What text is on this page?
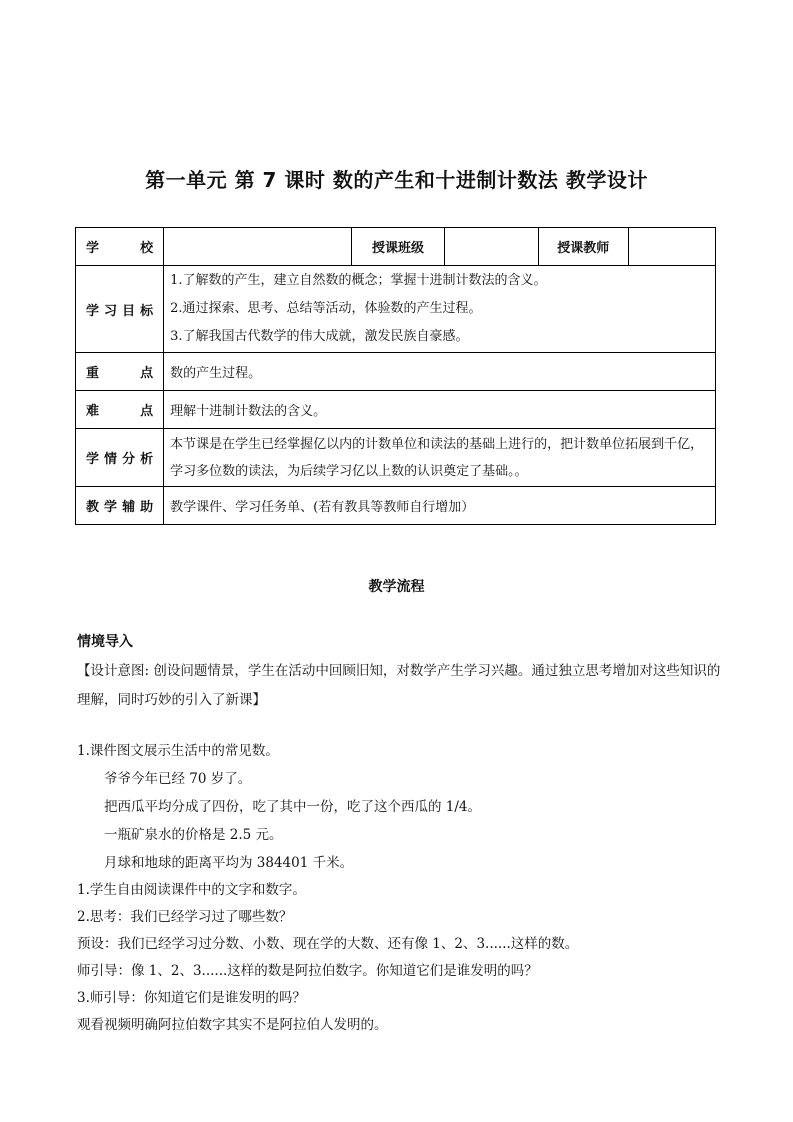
第一单元 第 7 课时 数的产生和十进制计数法 教学设计
学　　校		授课班级		授课教师	
学习目标	1.了解数的产生，建立自然数的概念；掌握十进制计数法的含义。
2.通过探索、思考、总结等活动，体验数的产生过程。
3.了解我国古代数学的伟大成就，激发民族自豪感。				

重　　点	数的产生过程。				
难　　点	理解十进制计数法的含义。				
学情分析	本节课是在学生已经掌握亿以内的计数单位和读法的基础上进行的，把计数单位拓展到千亿，学习多位数的读法，为后续学习亿以上数的认识奠定了基础。。				
教学辅助	教学课件、学习任务单、(若有教具等教师自行增加）				
教学流程
情境导入
【设计意图: 创设问题情景，学生在活动中回顾旧知，对数学产生学习兴趣。通过独立思考增加对这些知识的理解，同时巧妙的引入了新课】
1.课件图文展示生活中的常见数。
爷爷今年已经 70 岁了。
把西瓜平均分成了四份，吃了其中一份，吃了这个西瓜的 1/4。
一瓶矿泉水的价格是 2.5 元。
月球和地球的距离平均为 384401 千米。
1.学生自由阅读课件中的文字和数字。
2.思考：我们已经学习过了哪些数？
预设：我们已经学习过分数、小数、现在学的大数、还有像 1、2、3......这样的数。
师引导：像 1、2、3......这样的数是阿拉伯数字。你知道它们是谁发明的吗？
3.师引导：你知道它们是谁发明的吗？
观看视频明确阿拉伯数字其实不是阿拉伯人发明的。
